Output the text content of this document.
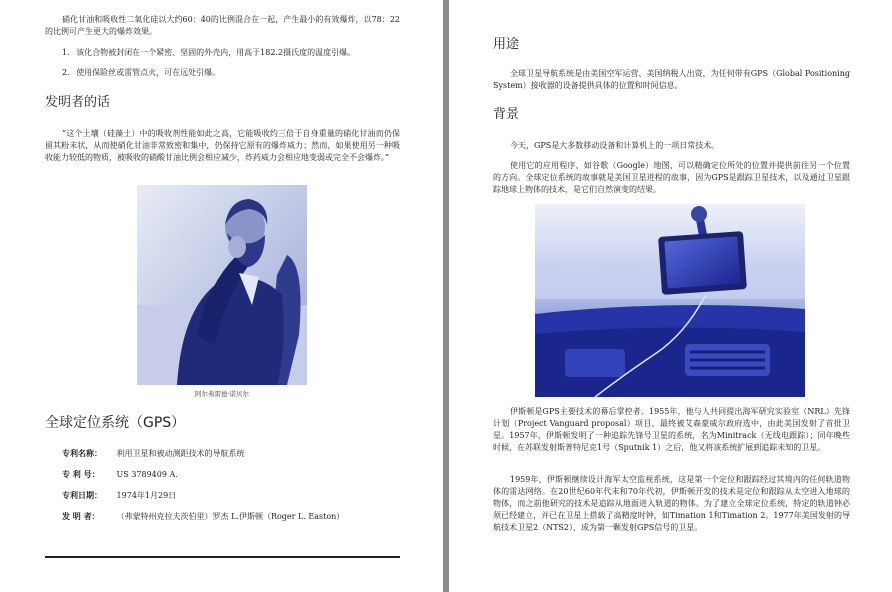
硝化甘油和吸收性二氧化硅以大约60：40的比例混合在一起，产生最小的有效爆炸，以78：22的比例可产生更大的爆炸效果。
1. 该化合物被封闭在一个紧密、坚固的外壳内，用高于182.2摄氏度的温度引爆。
2. 使用保险丝或雷管点火，可在远处引爆。
发明者的话
“这个土壤（硅藻土）中的吸收剂性能如此之高，它能吸收约三倍于自身重量的硝化甘油而仍保留其粉末状，从而使硝化甘油非常致密和集中，仍保持它原有的爆炸威力；然而，如果使用另一种吸收能力较低的物质，被吸收的硝酸甘油比例会相应减少，炸药威力会相应地变弱或完全不会爆炸。”
阿尔弗雷德·诺贝尔
全球定位系统（GPS）
专利名称： 利用卫星和被动测距技术的导航系统
专 利 号： US 3789409 A.
专利日期： 1974年1月29日
发 明 者： （弗蒙特州克拉夫茨伯里）罗杰 L.伊斯顿（Roger L. Easton）
用途
全球卫星导航系统是由美国空军运营、美国纳税人出资，为任何带有GPS（Global Positioning System）接收器的设备提供具体的位置和时间信息。
背景
今天，GPS是大多数移动设备和计算机上的一项日常技术。
使用它的应用程序，如谷歌（Google）地图，可以精确定位所处的位置并提供前往另一个位置的方向。全球定位系统的故事就是美国卫星进程的故事，因为GPS是跟踪卫星技术，以及通过卫星跟踪地球上物体的技术，是它们自然演变的结果。
伊斯顿是GPS主要技术的幕后掌控者。1955年，他与人共同提出海军研究实验室（NRL）先锋计划（Project Vanguard proposal）项目，最终被艾森豪威尔政府选中，由此美国发射了首批卫星。1957年，伊斯顿发明了一种追踪先锋号卫星的系统，名为Minitrack（无线电跟踪）；同年晚些时候，在苏联发射斯普特尼克1号（Sputnik 1）之后，他又将该系统扩展到追踪未知的卫星。
1959年，伊斯顿继续设计海军太空监视系统，这是第一个定位和跟踪经过其境内的任何轨道物体的雷达网络。在20世纪60年代末和70年代初，伊斯顿开发的技术是定位和跟踪从太空进入地球的物体，而之前他研究的技术是追踪从地面进入轨道的物体。为了建立全球定位系统，特定的轨道钟必须已经建立，并已在卫星上搭载了高精度时钟，如Timation 1和Timation 2。1977年美国发射的导航技术卫星2（NTS2），成为第一颗发射GPS信号的卫星。
